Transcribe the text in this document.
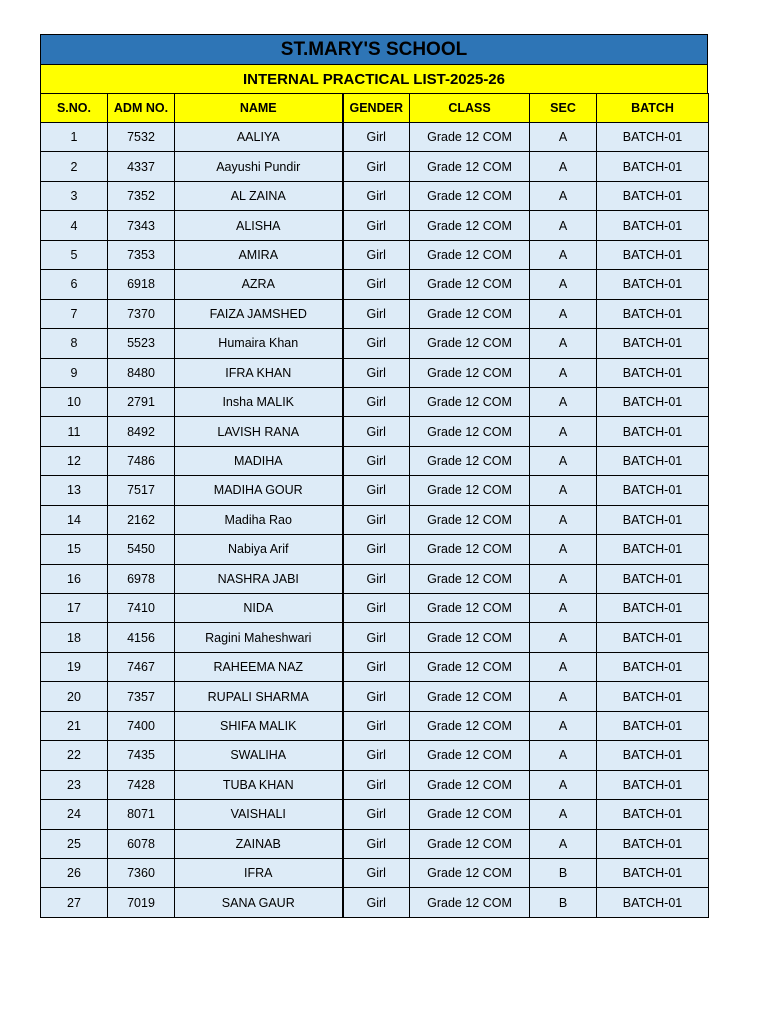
ST.MARY'S SCHOOL
INTERNAL PRACTICAL LIST-2025-26
S.NO.	ADM NO.	NAME	GENDER	CLASS	SEC	BATCH
1	7532	AALIYA	Girl	Grade 12 COM	A	BATCH-01
2	4337	Aayushi Pundir	Girl	Grade 12 COM	A	BATCH-01
3	7352	AL ZAINA	Girl	Grade 12 COM	A	BATCH-01
4	7343	ALISHA	Girl	Grade 12 COM	A	BATCH-01
5	7353	AMIRA	Girl	Grade 12 COM	A	BATCH-01
6	6918	AZRA	Girl	Grade 12 COM	A	BATCH-01
7	7370	FAIZA JAMSHED	Girl	Grade 12 COM	A	BATCH-01
8	5523	Humaira Khan	Girl	Grade 12 COM	A	BATCH-01
9	8480	IFRA KHAN	Girl	Grade 12 COM	A	BATCH-01
10	2791	Insha MALIK	Girl	Grade 12 COM	A	BATCH-01
11	8492	LAVISH RANA	Girl	Grade 12 COM	A	BATCH-01
12	7486	MADIHA	Girl	Grade 12 COM	A	BATCH-01
13	7517	MADIHA GOUR	Girl	Grade 12 COM	A	BATCH-01
14	2162	Madiha Rao	Girl	Grade 12 COM	A	BATCH-01
15	5450	Nabiya Arif	Girl	Grade 12 COM	A	BATCH-01
16	6978	NASHRA JABI	Girl	Grade 12 COM	A	BATCH-01
17	7410	NIDA	Girl	Grade 12 COM	A	BATCH-01
18	4156	Ragini Maheshwari	Girl	Grade 12 COM	A	BATCH-01
19	7467	RAHEEMA NAZ	Girl	Grade 12 COM	A	BATCH-01
20	7357	RUPALI SHARMA	Girl	Grade 12 COM	A	BATCH-01
21	7400	SHIFA MALIK	Girl	Grade 12 COM	A	BATCH-01
22	7435	SWALIHA	Girl	Grade 12 COM	A	BATCH-01
23	7428	TUBA KHAN	Girl	Grade 12 COM	A	BATCH-01
24	8071	VAISHALI	Girl	Grade 12 COM	A	BATCH-01
25	6078	ZAINAB	Girl	Grade 12 COM	A	BATCH-01
26	7360	IFRA	Girl	Grade 12 COM	B	BATCH-01
27	7019	SANA GAUR	Girl	Grade 12 COM	B	BATCH-01
